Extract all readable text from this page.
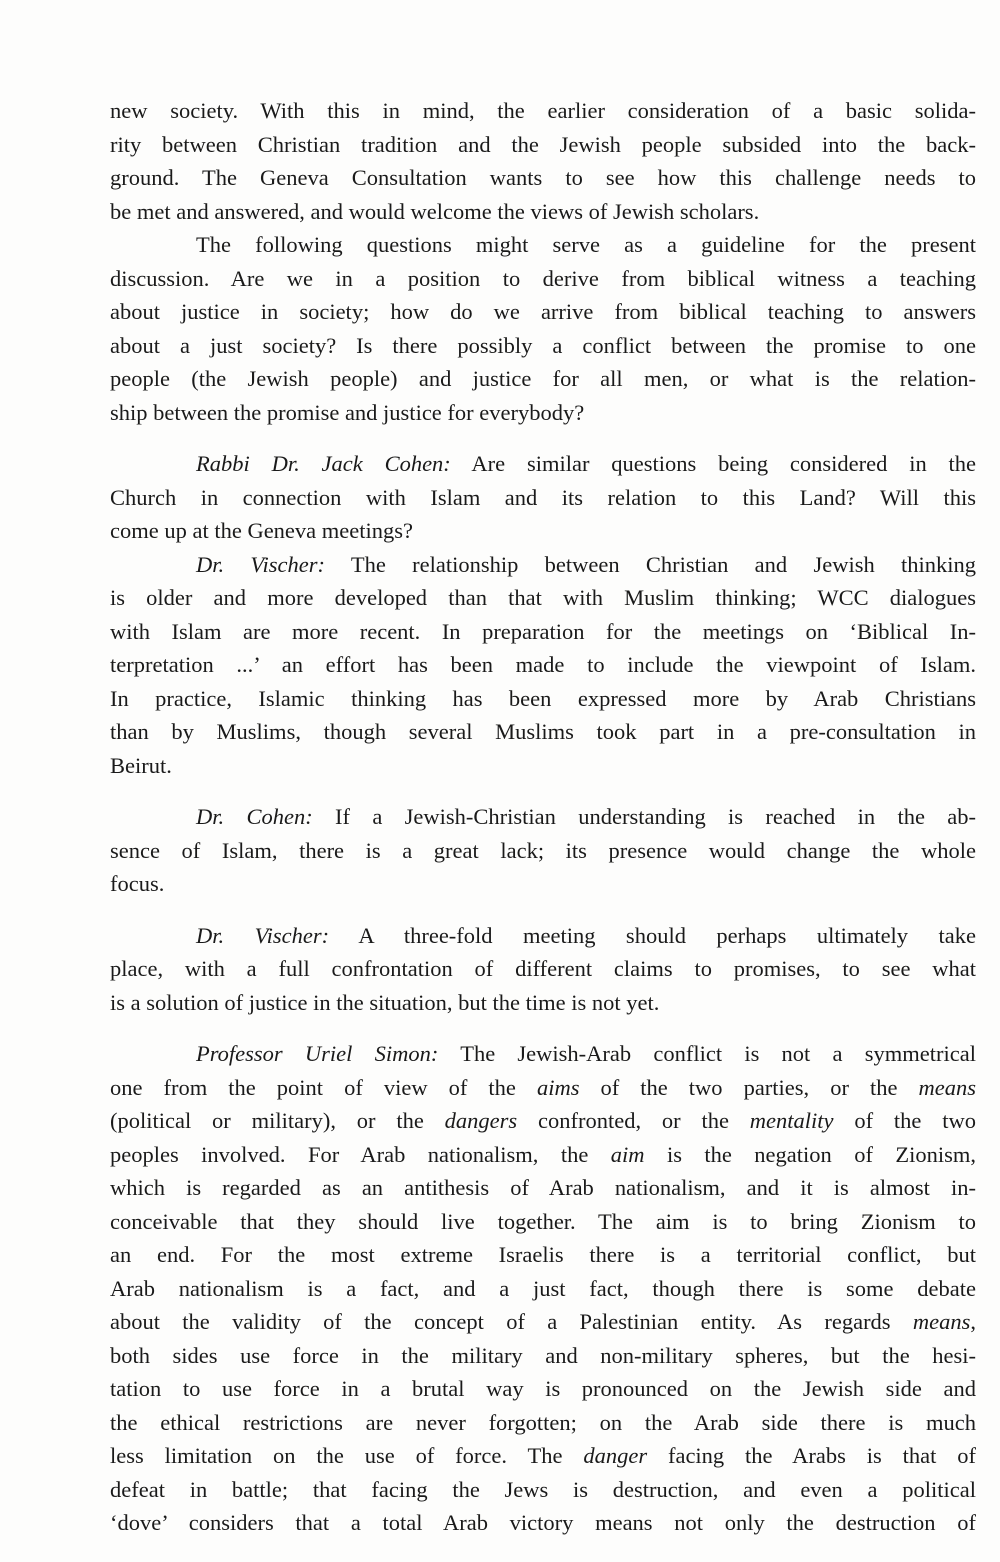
new society. With this in mind, the earlier consideration of a basic solida-
rity between Christian tradition and the Jewish people subsided into the back-
ground. The Geneva Consultation wants to see how this challenge needs to
be met and answered, and would welcome the views of Jewish scholars.
The following questions might serve as a guideline for the present
discussion. Are we in a position to derive from biblical witness a teaching
about justice in society; how do we arrive from biblical teaching to answers
about a just society? Is there possibly a conflict between the promise to one
people (the Jewish people) and justice for all men, or what is the relation-
ship between the promise and justice for everybody?
Rabbi Dr. Jack Cohen: Are similar questions being considered in the
Church in connection with Islam and its relation to this Land? Will this
come up at the Geneva meetings?
Dr. Vischer: The relationship between Christian and Jewish thinking
is older and more developed than that with Muslim thinking; WCC dialogues
with Islam are more recent. In preparation for the meetings on ‘Biblical In-
terpretation ...’ an effort has been made to include the viewpoint of Islam.
In practice, Islamic thinking has been expressed more by Arab Christians
than by Muslims, though several Muslims took part in a pre-consultation in
Beirut.
Dr. Cohen: If a Jewish-Christian understanding is reached in the ab-
sence of Islam, there is a great lack; its presence would change the whole
focus.
Dr. Vischer: A three-fold meeting should perhaps ultimately take
place, with a full confrontation of different claims to promises, to see what
is a solution of justice in the situation, but the time is not yet.
Professor Uriel Simon: The Jewish-Arab conflict is not a symmetrical
one from the point of view of the aims of the two parties, or the means
(political or military), or the dangers confronted, or the mentality of the two
peoples involved. For Arab nationalism, the aim is the negation of Zionism,
which is regarded as an antithesis of Arab nationalism, and it is almost in-
conceivable that they should live together. The aim is to bring Zionism to
an end. For the most extreme Israelis there is a territorial conflict, but
Arab nationalism is a fact, and a just fact, though there is some debate
about the validity of the concept of a Palestinian entity. As regards means,
both sides use force in the military and non-military spheres, but the hesi-
tation to use force in a brutal way is pronounced on the Jewish side and
the ethical restrictions are never forgotten; on the Arab side there is much
less limitation on the use of force. The danger facing the Arabs is that of
defeat in battle; that facing the Jews is destruction, and even a political
‘dove’ considers that a total Arab victory means not only the destruction of
